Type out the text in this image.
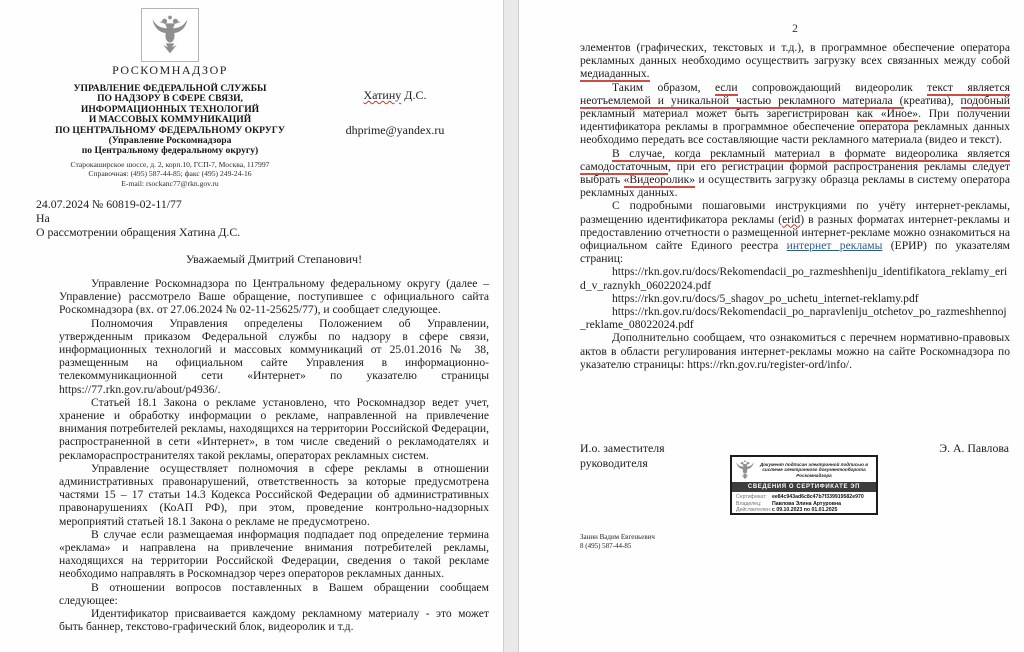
РОСКОМНАДЗОР
УПРАВЛЕНИЕ ФЕДЕРАЛЬНОЙ СЛУЖБЫ
ПО НАДЗОРУ В СФЕРЕ СВЯЗИ,
ИНФОРМАЦИОННЫХ ТЕХНОЛОГИЙ
И МАССОВЫХ КОММУНИКАЦИЙ
ПО ЦЕНТРАЛЬНОМУ ФЕДЕРАЛЬНОМУ ОКРУГУ
(Управление Роскомнадзора
по Центральному федеральному округу)
Старокаширское шоссе, д. 2, корп.10, ГСП-7, Москва, 117997
Справочная: (495) 587-44-85; факс (495) 249-24-16
E-mail: rsockanc77@rkn.gov.ru
Хатину Д.С.
dhprime@yandex.ru
24.07.2024 № 60819-02-11/77
На
О рассмотрении обращения Хатина Д.С.
Уважаемый Дмитрий Степанович!

Управление Роскомнадзора по Центральному федеральному округу (далее – Управление) рассмотрело Ваше обращение, поступившее с официального сайта Роскомнадзора (вх. от 27.06.2024 № 02-11-25625/77), и сообщает следующее.

Полномочия Управления определены Положением об Управлении, утвержденным приказом Федеральной службы по надзору в сфере связи, информационных технологий и массовых коммуникаций от 25.01.2016 № 38, размещенным на официальном сайте Управления в информационно-телекоммуникационной сети «Интернет» по указателю страницы https://77.rkn.gov.ru/about/p4936/.

Статьей 18.1 Закона о рекламе установлено, что Роскомнадзор ведет учет, хранение и обработку информации о рекламе, направленной на привлечение внимания потребителей рекламы, находящихся на территории Российской Федерации, распространенной в сети «Интернет», в том числе сведений о рекламодателях и рекламораспространителях такой рекламы, операторах рекламных систем.

Управление осуществляет полномочия в сфере рекламы в отношении административных правонарушений, ответственность за которые предусмотрена частями 15 – 17 статьи 14.3 Кодекса Российской Федерации об административных правонарушениях (КоАП РФ), при этом, проведение контрольно-надзорных мероприятий статьей 18.1 Закона о рекламе не предусмотрено.

В случае если размещаемая информация подпадает под определение термина «реклама» и направлена на привлечение внимания потребителей рекламы, находящихся на территории Российской Федерации, сведения о такой рекламе необходимо направлять в Роскомнадзор через операторов рекламных данных.

В отношении вопросов поставленных в Вашем обращении сообщаем следующее:

Идентификатор присваивается каждому рекламному материалу - это может быть баннер, текстово-графический блок, видеоролик и т.д.

2

элементов (графических, текстовых и т.д.), в программное обеспечение оператора рекламных данных необходимо осуществить загрузку всех связанных между собой медиаданных.

Таким образом, если сопровождающий видеоролик текст является неотъемлемой и уникальной частью рекламного материала (креатива), подобный рекламный материал может быть зарегистрирован как «Иное». При получении идентификатора рекламы в программное обеспечение оператора рекламных данных необходимо передать все составляющие части рекламного материала (видео и текст).

В случае, когда рекламный материал в формате видеоролика является самодостаточным, при его регистрации формой распространения рекламы следует выбрать «Видеоролик» и осуществить загрузку образца рекламы в систему оператора рекламных данных.

С подробными пошаговыми инструкциями по учёту интернет-рекламы, размещению идентификатора рекламы (erid) в разных форматах интернет-рекламы и предоставлению отчетности о размещенной интернет-рекламе можно ознакомиться на официальном сайте Единого реестра интернет рекламы (ЕРИР) по указателям страниц:

https://rkn.gov.ru/docs/Rekomendacii_po_razmeshheniju_identifikatora_reklamy_erid_v_raznykh_06022024.pdf

https://rkn.gov.ru/docs/5_shagov_po_uchetu_internet-reklamy.pdf

https://rkn.gov.ru/docs/Rekomendacii_po_napravleniju_otchetov_po_razmeshhennoj_reklame_08022024.pdf

Дополнительно сообщаем, что ознакомиться с перечнем нормативно-правовых актов в области регулирования интернет-рекламы можно на сайте Роскомнадзора по указателю страницы: https://rkn.gov.ru/register-ord/info/.

И.о. заместителя
руководителя
Э. А. Павлова
Документ подписан электронной подписью в системе электронного документооборота Роскомнадзора
СВЕДЕНИЯ О СЕРТИФИКАТЕ ЭП
Сертификат: ee84c943ad6c8c47b7f339919582e970
Владелец:	Павлова Элина Артуровна
Действителен: с 09.10.2023 по 01.01.2025
Занин Вадим Евгеньевич
8 (495) 587-44-85
